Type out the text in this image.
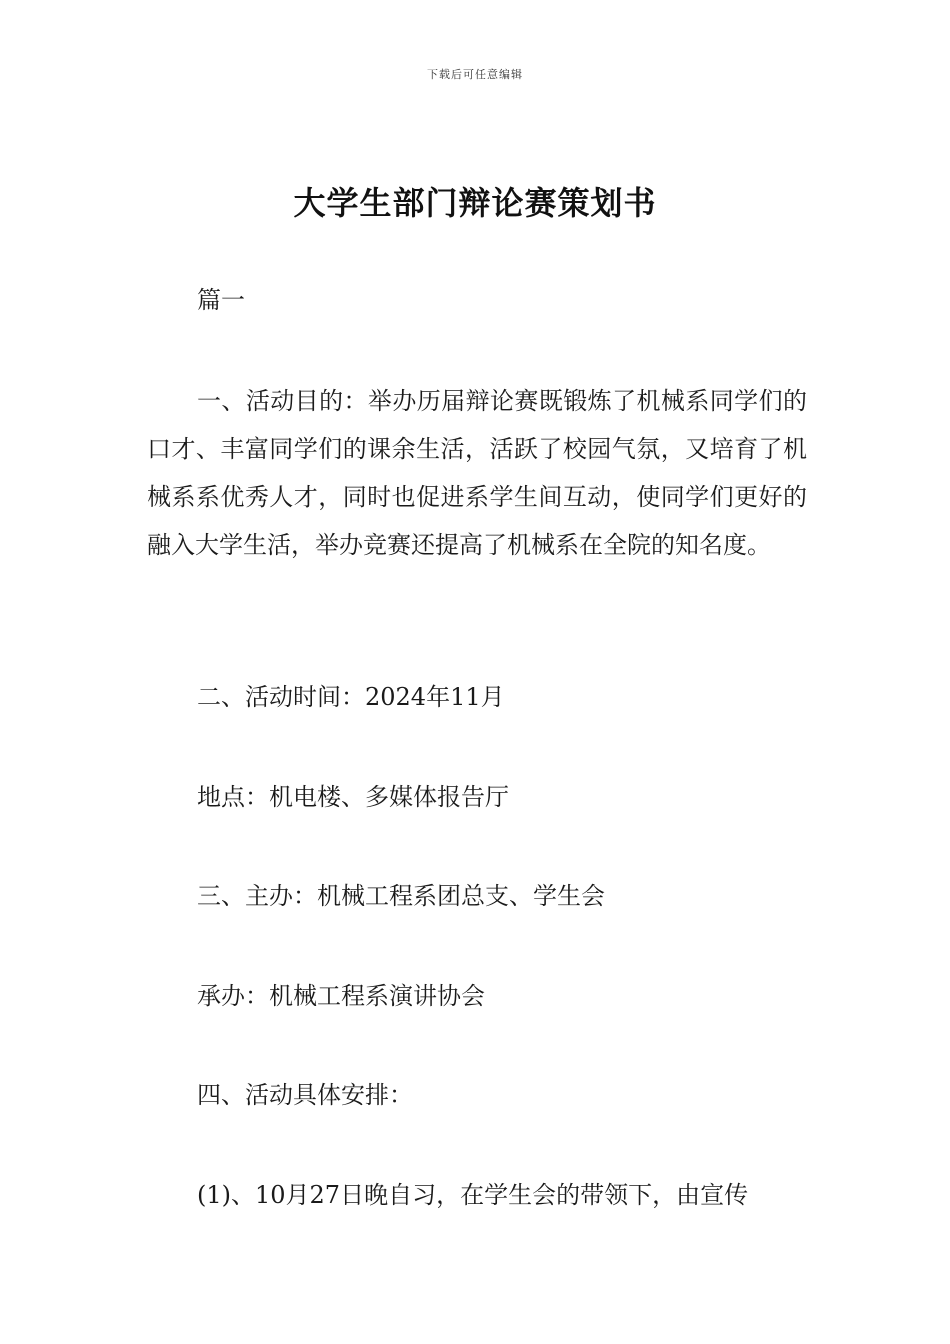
下载后可任意编辑
大学生部门辩论赛策划书
篇一
一、活动目的：举办历届辩论赛既锻炼了机械系同学们的口才、丰富同学们的课余生活，活跃了校园气氛，又培育了机械系系优秀人才，同时也促进系学生间互动，使同学们更好的融入大学生活，举办竞赛还提高了机械系在全院的知名度。
二、活动时间：2024年11月
地点：机电楼、多媒体报告厅
三、主办：机械工程系团总支、学生会
承办：机械工程系演讲协会
四、活动具体安排：
(1)、10月27日晚自习，在学生会的带领下，由宣传
